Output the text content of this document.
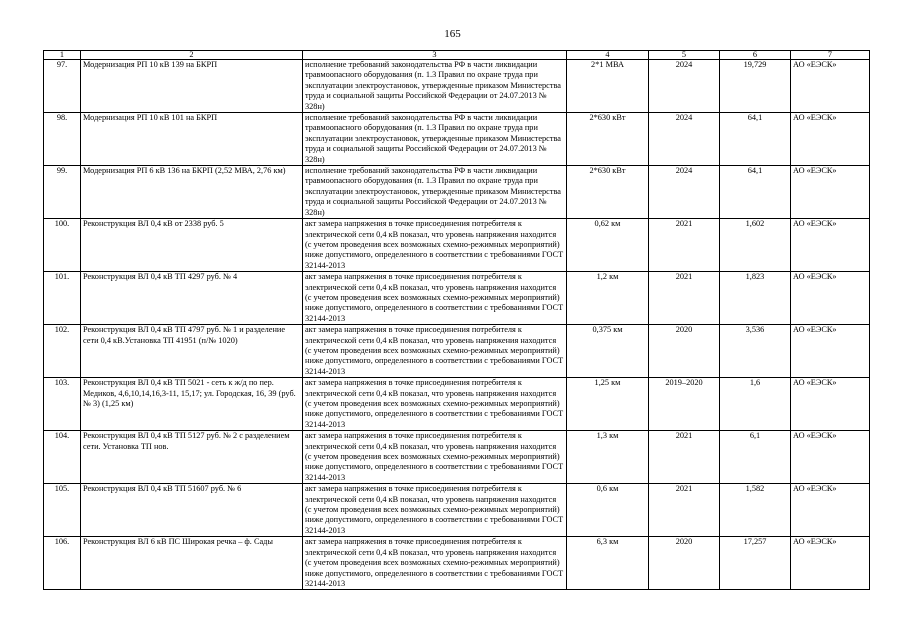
165
1	2	3	4	5	6	7
97.	Модернизация РП 10 кВ 139 на БКРП	исполнение требований законодательства РФ в части ликвидации травмоопасного оборудования (п. 1.3 Правил по охране труда при эксплуатации электроустановок, утвержденные приказом Министерства труда и социальной защиты Российской Федерации от 24.07.2013 № 328н)	2*1 МВА	2024	19,729	АО «ЕЭСК»
98.	Модернизация РП 10 кВ 101 на БКРП	исполнение требований законодательства РФ в части ликвидации травмоопасного оборудования (п. 1.3 Правил по охране труда при эксплуатации электроустановок, утвержденные приказом Министерства труда и социальной защиты Российской Федерации от 24.07.2013 № 328н)	2*630 кВт	2024	64,1	АО «ЕЭСК»
99.	Модернизация РП 6 кВ 136 на БКРП (2,52 МВА, 2,76 км)	исполнение требований законодательства РФ в части ликвидации травмоопасного оборудования (п. 1.3 Правил по охране труда при эксплуатации электроустановок, утвержденные приказом Министерства труда и социальной защиты Российской Федерации от 24.07.2013 № 328н)	2*630 кВт	2024	64,1	АО «ЕЭСК»
100.	Реконструкция ВЛ 0,4 кВ от 2338 руб. 5	акт замера напряжения в точке присоединения потребителя к электрической сети 0,4 кВ показал, что уровень напряжения находится (с учетом проведения всех возможных схемно-режимных мероприятий) ниже допустимого, определенного в соответствии с требованиями ГОСТ 32144-2013	0,62 км	2021	1,602	АО «ЕЭСК»
101.	Реконструкция ВЛ 0,4 кВ ТП 4297 руб. № 4	акт замера напряжения в точке присоединения потребителя к электрической сети 0,4 кВ показал, что уровень напряжения находится (с учетом проведения всех возможных схемно-режимных мероприятий) ниже допустимого, определенного в соответствии с требованиями ГОСТ 32144-2013	1,2 км	2021	1,823	АО «ЕЭСК»
102.	Реконструкция ВЛ 0,4 кВ ТП 4797 руб. № 1 и разделение сети 0,4 кВ.Установка ТП 41951 (п/№ 1020)	акт замера напряжения в точке присоединения потребителя к электрической сети 0,4 кВ показал, что уровень напряжения находится (с учетом проведения всех возможных схемно-режимных мероприятий) ниже допустимого, определенного в соответствии с требованиями ГОСТ 32144-2013	0,375 км	2020	3,536	АО «ЕЭСК»
103.	Реконструкция ВЛ 0,4 кВ ТП 5021 - сеть к ж/д по пер. Медиков, 4,6,10,14,16,3-11, 15,17; ул. Городская, 16, 39 (руб. № 3) (1,25 км)	акт замера напряжения в точке присоединения потребителя к электрической сети 0,4 кВ показал, что уровень напряжения находится (с учетом проведения всех возможных схемно-режимных мероприятий) ниже допустимого, определенного в соответствии с требованиями ГОСТ 32144-2013	1,25 км	2019–2020	1,6	АО «ЕЭСК»
104.	Реконструкция ВЛ 0,4 кВ ТП 5127 руб. № 2 с разделением сети. Установка ТП нов.	акт замера напряжения в точке присоединения потребителя к электрической сети 0,4 кВ показал, что уровень напряжения находится (с учетом проведения всех возможных схемно-режимных мероприятий) ниже допустимого, определенного в соответствии с требованиями ГОСТ 32144-2013	1,3 км	2021	6,1	АО «ЕЭСК»
105.	Реконструкция ВЛ 0,4 кВ ТП 51607 руб. № 6	акт замера напряжения в точке присоединения потребителя к электрической сети 0,4 кВ показал, что уровень напряжения находится (с учетом проведения всех возможных схемно-режимных мероприятий) ниже допустимого, определенного в соответствии с требованиями ГОСТ 32144-2013	0,6 км	2021	1,582	АО «ЕЭСК»
106.	Реконструкция ВЛ 6 кВ ПС Широкая речка – ф. Сады	акт замера напряжения в точке присоединения потребителя к электрической сети 0,4 кВ показал, что уровень напряжения находится (с учетом проведения всех возможных схемно-режимных мероприятий) ниже допустимого, определенного в соответствии с требованиями ГОСТ 32144-2013	6,3 км	2020	17,257	АО «ЕЭСК»
